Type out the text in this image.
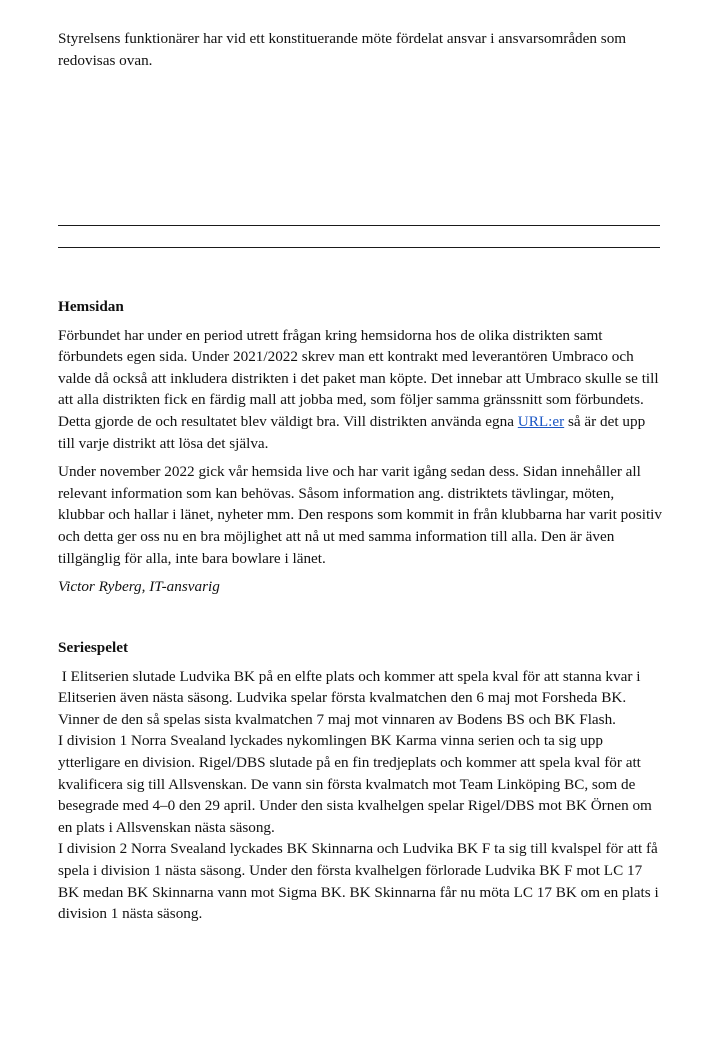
Styrelsens funktionärer har vid ett konstituerande möte fördelat ansvar i ansvarsområden som redovisas ovan.

Hemsidan

Förbundet har under en period utrett frågan kring hemsidorna hos de olika distrikten samt förbundets egen sida. Under 2021/2022 skrev man ett kontrakt med leverantören Umbraco och valde då också att inkludera distrikten i det paket man köpte. Det innebar att Umbraco skulle se till att alla distrikten fick en färdig mall att jobba med, som följer samma gränssnitt som förbundets. Detta gjorde de och resultatet blev väldigt bra. Vill distrikten använda egna URL:er så är det upp till varje distrikt att lösa det själva.

Under november 2022 gick vår hemsida live och har varit igång sedan dess. Sidan innehåller all relevant information som kan behövas. Såsom information ang. distriktets tävlingar, möten, klubbar och hallar i länet, nyheter mm. Den respons som kommit in från klubbarna har varit positiv och detta ger oss nu en bra möjlighet att nå ut med samma information till alla. Den är även tillgänglig för alla, inte bara bowlare i länet.

Victor Ryberg, IT-ansvarig

Seriespelet

I Elitserien slutade Ludvika BK på en elfte plats och kommer att spela kval för att stanna kvar i Elitserien även nästa säsong. Ludvika spelar första kvalmatchen den 6 maj mot Forsheda BK. Vinner de den så spelas sista kvalmatchen 7 maj mot vinnaren av Bodens BS och BK Flash.

I division 1 Norra Svealand lyckades nykomlingen BK Karma vinna serien och ta sig upp ytterligare en division. Rigel/DBS slutade på en fin tredjeplats och kommer att spela kval för att kvalificera sig till Allsvenskan. De vann sin första kvalmatch mot Team Linköping BC, som de besegrade med 4–0 den 29 april. Under den sista kvalhelgen spelar Rigel/DBS mot BK Örnen om en plats i Allsvenskan nästa säsong.

I division 2 Norra Svealand lyckades BK Skinnarna och Ludvika BK F ta sig till kvalspel för att få spela i division 1 nästa säsong. Under den första kvalhelgen förlorade Ludvika BK F mot LC 17 BK medan BK Skinnarna vann mot Sigma BK. BK Skinnarna får nu möta LC 17 BK om en plats i division 1 nästa säsong.
